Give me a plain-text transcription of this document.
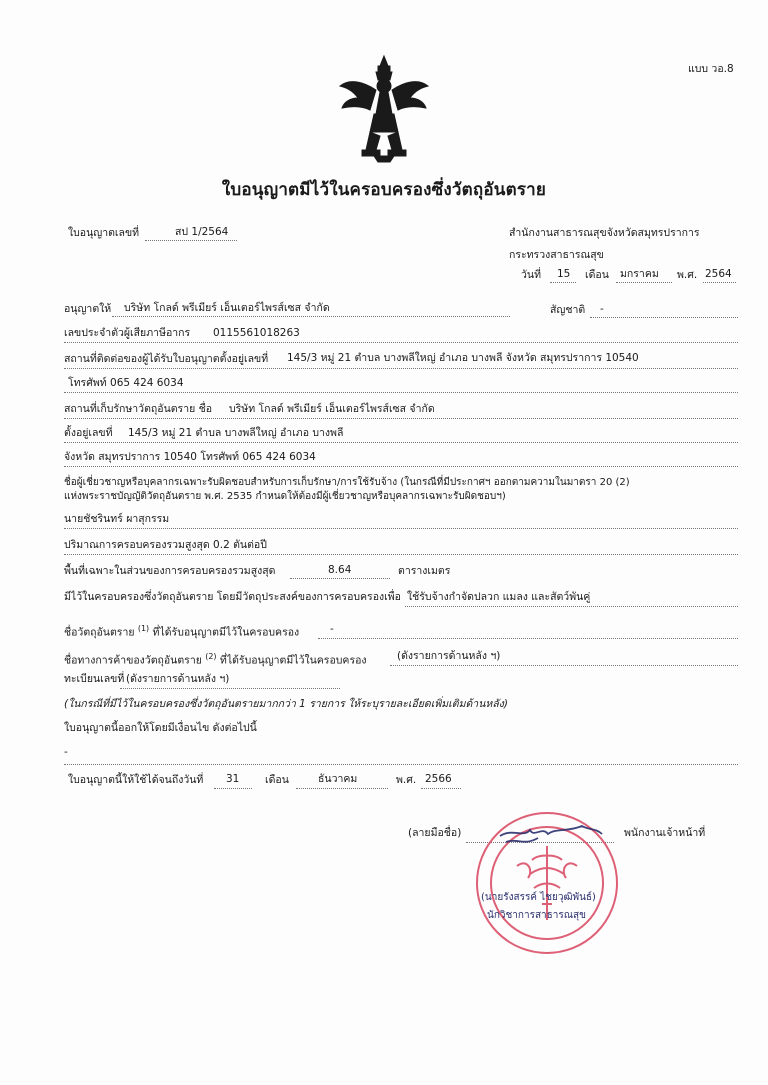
แบบ วอ.8
ใบอนุญาตมีไว้ในครอบครองซึ่งวัตถุอันตราย
ใบอนุญาตเลขที่	สป 1/2564	สำนักงานสาธารณสุขจังหวัดสมุทรปราการ
กระทรวงสาธารณสุข
วันที่ 15 เดือน มกราคม พ.ศ. 2564
อนุญาตให้ บริษัท โกลด์ พรีเมียร์ เอ็นเตอร์ไพรส์เซส จำกัด	สัญชาติ -
เลขประจำตัวผู้เสียภาษีอากร 0115561018263
สถานที่ติดต่อของผู้ได้รับใบอนุญาตตั้งอยู่เลขที่ 145/3 หมู่ 21 ตำบล บางพลีใหญ่ อำเภอ บางพลี จังหวัด สมุทรปราการ 10540
โทรศัพท์ 065 424 6034
สถานที่เก็บรักษาวัตถุอันตราย ชื่อ บริษัท โกลด์ พรีเมียร์ เอ็นเตอร์ไพรส์เซส จำกัด
ตั้งอยู่เลขที่ 145/3 หมู่ 21 ตำบล บางพลีใหญ่ อำเภอ บางพลี
จังหวัด สมุทรปราการ 10540 โทรศัพท์ 065 424 6034
ชื่อผู้เชี่ยวชาญหรือบุคลากรเฉพาะรับผิดชอบสำหรับการเก็บรักษา/การใช้รับจ้าง (ในกรณีที่มีประกาศฯ ออกตามความในมาตรา 20 (2)
แห่งพระราชบัญญัติวัตถุอันตราย พ.ศ. 2535 กำหนดให้ต้องมีผู้เชี่ยวชาญหรือบุคลากรเฉพาะรับผิดชอบฯ)
นายชัชรินทร์ ผาสุกรรม
ปริมาณการครอบครองรวมสูงสุด 0.2 ตันต่อปี
พื้นที่เฉพาะในส่วนของการครอบครองรวมสูงสุด	8.64	ตารางเมตร
มีไว้ในครอบครองซึ่งวัตถุอันตราย โดยมีวัตถุประสงค์ของการครอบครองเพื่อ ใช้รับจ้างกำจัดปลวก แมลง และสัตว์พันคู่
ชื่อวัตถุอันตราย $^{(1)}$ ที่ได้รับอนุญาตมีไว้ในครอบครอง	-
ชื่อทางการค้าของวัตถุอันตราย $^{(2)}$ ที่ได้รับอนุญาตมีไว้ในครอบครอง	(ดังรายการด้านหลัง ฯ)
ทะเบียนเลขที่ (ดังรายการด้านหลัง ฯ)
(ในกรณีที่มีไว้ในครอบครองซึ่งวัตถุอันตรายมากกว่า 1 รายการ ให้ระบุรายละเอียดเพิ่มเติมด้านหลัง)
ใบอนุญาตนี้ออกให้โดยมีเงื่อนไข ดังต่อไปนี้
-
ใบอนุญาตนี้ให้ใช้ได้จนถึงวันที่ 31 เดือน	ธันวาคม	พ.ศ. 2566
(ลายมือชื่อ)	พนักงานเจ้าหน้าที่
(นายรังสรรค์ ไชยวุฒิพันธ์)
นักวิชาการสาธารณสุข
